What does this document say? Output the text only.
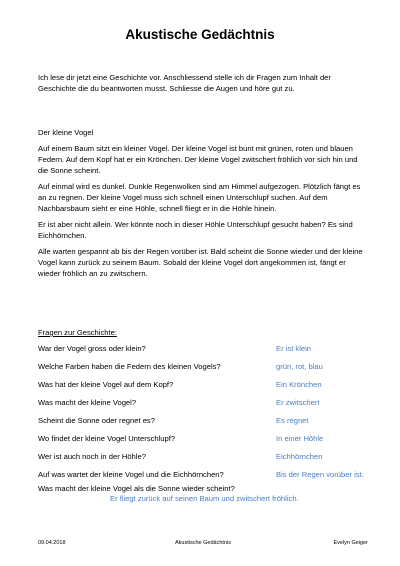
Akustische Gedächtnis
Ich lese dir jetzt eine Geschichte vor. Anschliessend stelle ich dir Fragen zum Inhalt der Geschichte die du beantworten musst. Schliesse die Augen und höre gut zu.
Der kleine Vogel

Auf einem Baum sitzt ein kleiner Vogel. Der kleine Vogel ist bunt mit grünen, roten und blauen Federn. Auf dem Kopf hat er ein Krönchen. Der kleine Vogel zwitschert fröhlich vor sich hin und die Sonne scheint.

Auf einmal wird es dunkel. Dunkle Regenwolken sind am Himmel aufgezogen. Plötzlich fängt es an zu regnen. Der kleine Vogel muss sich schnell einen Unterschlupf suchen. Auf dem Nachbarsbaum sieht er eine Höhle, schnell fliegt er in die Höhle hinein.

Er ist aber nicht allein. Wer könnte noch in dieser Höhle Unterschlupf gesucht haben? Es sind Eichhörnchen.

Alle warten gespannt ab bis der Regen vorüber ist. Bald scheint die Sonne wieder und der kleine Vogel kann zurück zu seinem Baum. Sobald der kleine Vogel dort angekommen ist, fängt er wieder fröhlich an zu zwitschern.

Fragen zur Geschichte:
War der Vogel gross oder klein?	Er ist klein
Welche Farben haben die Federn des kleinen Vogels?	grün, rot, blau
Was hat der kleine Vogel auf dem Kopf?	Ein Krönchen
Was macht der kleine Vogel?	Er zwitschert
Scheint die Sonne oder regnet es?	Es regnet
Wo findet der kleine Vogel Unterschlupf?	In einer Höhle
Wer ist auch noch in der Höhle?	Eichhörnchen
Auf was wartet der kleine Vogel und die Eichhörnchen?	Bis der Regen vorüber ist.
Was macht der kleine Vogel als die Sonne wieder scheint?
Er fliegt zurück auf seinen Baum und zwitschert fröhlich.
09.04.2018	Akustische Gedächtnis	Evelyn Geiger
